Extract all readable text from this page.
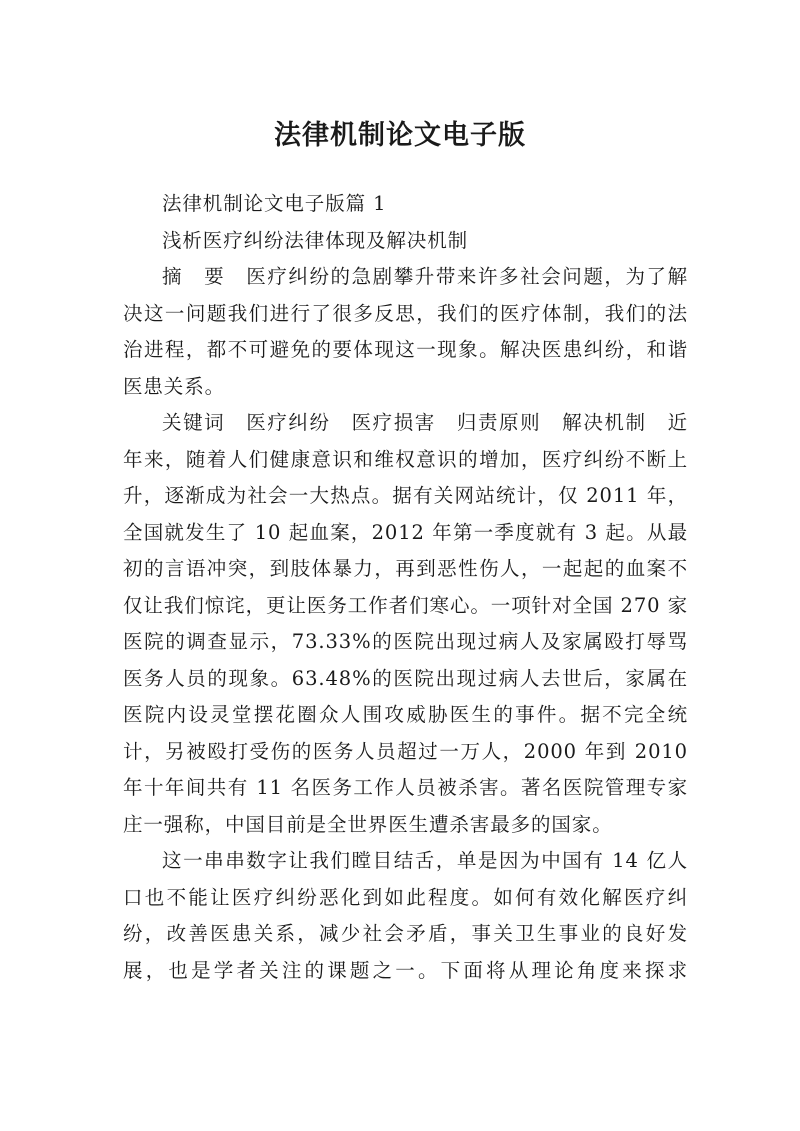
法律机制论文电子版

法律机制论文电子版篇 1

浅析医疗纠纷法律体现及解决机制

摘　要　医疗纠纷的急剧攀升带来许多社会问题，为了解决这一问题我们进行了很多反思，我们的医疗体制，我们的法治进程，都不可避免的要体现这一现象。解决医患纠纷，和谐医患关系。

关键词　医疗纠纷　医疗损害　归责原则　解决机制　近年来，随着人们健康意识和维权意识的增加，医疗纠纷不断上升，逐渐成为社会一大热点。据有关网站统计，仅 2011 年，全国就发生了 10 起血案，2012 年第一季度就有 3 起。从最初的言语冲突，到肢体暴力，再到恶性伤人，一起起的血案不仅让我们惊诧，更让医务工作者们寒心。一项针对全国 270 家医院的调查显示，73.33%的医院出现过病人及家属殴打辱骂医务人员的现象。63.48%的医院出现过病人去世后，家属在医院内设灵堂摆花圈众人围攻威胁医生的事件。据不完全统计，另被殴打受伤的医务人员超过一万人，2000 年到 2010 年十年间共有 11 名医务工作人员被杀害。著名医院管理专家庄一强称，中国目前是全世界医生遭杀害最多的国家。

这一串串数字让我们瞠目结舌，单是因为中国有 14 亿人口也不能让医疗纠纷恶化到如此程度。如何有效化解医疗纠纷，改善医患关系，减少社会矛盾，事关卫生事业的良好发展，也是学者关注的课题之一。下面将从理论角度来探求
